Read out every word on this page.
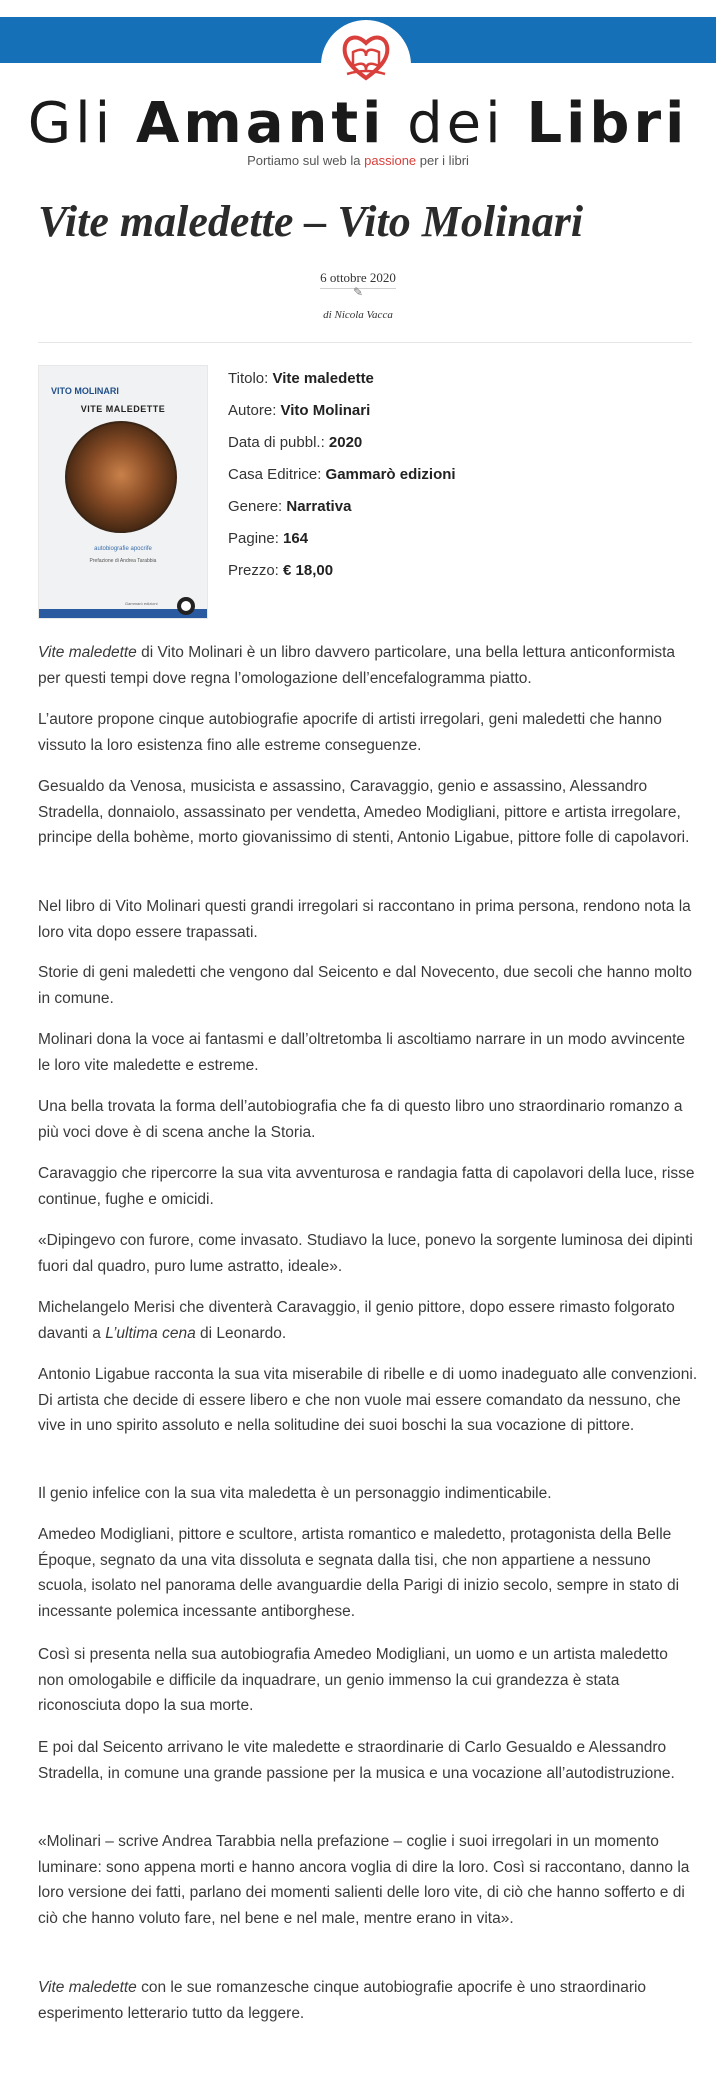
Gli Amanti dei Libri
Portiamo sul web la passione per i libri
Vite maledette – Vito Molinari
6 ottobre 2020
✎
di Nicola Vacca
VITO MOLINARI
VITE MALEDETTE
autobiografie apocrife
Prefazione di Andrea Tarabbia
Gammarò edizioni
Titolo: Vite maledette
Autore: Vito Molinari
Data di pubbl.: 2020
Casa Editrice: Gammarò edizioni
Genere: Narrativa
Pagine: 164
Prezzo: € 18,00

Vite maledette di Vito Molinari è un libro davvero particolare, una bella lettura anticonformista per questi tempi dove regna l’omologazione dell’encefalogramma piatto.

L’autore propone cinque autobiografie apocrife di artisti irregolari, geni maledetti che hanno vissuto la loro esistenza fino alle estreme conseguenze.

Gesualdo da Venosa, musicista e assassino, Caravaggio, genio e assassino, Alessandro Stradella, donnaiolo, assassinato per vendetta, Amedeo Modigliani, pittore e artista irregolare, principe della bohème, morto giovanissimo di stenti, Antonio Ligabue, pittore folle di capolavori.

Nel libro di Vito Molinari questi grandi irregolari si raccontano in prima persona, rendono nota la loro vita dopo essere trapassati.

Storie di geni maledetti che vengono dal Seicento e dal Novecento, due secoli che hanno molto in comune.

Molinari dona la voce ai fantasmi e dall’oltretomba li ascoltiamo narrare in un modo avvincente le loro vite maledette e estreme.

Una bella trovata la forma dell’autobiografia che fa di questo libro uno straordinario romanzo a più voci dove è di scena anche la Storia.

Caravaggio che ripercorre la sua vita avventurosa e randagia fatta di capolavori della luce, risse continue, fughe e omicidi.

«Dipingevo con furore, come invasato. Studiavo la luce, ponevo la sorgente luminosa dei dipinti fuori dal quadro, puro lume astratto, ideale».

Michelangelo Merisi che diventerà Caravaggio, il genio pittore, dopo essere rimasto folgorato davanti a L’ultima cena di Leonardo.

Antonio Ligabue racconta la sua vita miserabile di ribelle e di uomo inadeguato alle convenzioni. Di artista che decide di essere libero e che non vuole mai essere comandato da nessuno, che vive in uno spirito assoluto e nella solitudine dei suoi boschi la sua vocazione di pittore.

Il genio infelice con la sua vita maledetta è un personaggio indimenticabile.

Amedeo Modigliani, pittore e scultore, artista romantico e maledetto, protagonista della Belle Époque, segnato da una vita dissoluta e segnata dalla tisi, che non appartiene a nessuno scuola, isolato nel panorama delle avanguardie della Parigi di inizio secolo, sempre in stato di incessante polemica incessante antiborghese.

Così si presenta nella sua autobiografia Amedeo Modigliani, un uomo e un artista maledetto non omologabile e difficile da inquadrare, un genio immenso la cui grandezza è stata riconosciuta dopo la sua morte.

E poi dal Seicento arrivano le vite maledette e straordinarie di Carlo Gesualdo e Alessandro Stradella, in comune una grande passione per la musica e una vocazione all’autodistruzione.

«Molinari – scrive Andrea Tarabbia nella prefazione – coglie i suoi irregolari in un momento luminare: sono appena morti e hanno ancora voglia di dire la loro. Così si raccontano, danno la loro versione dei fatti, parlano dei momenti salienti delle loro vite, di ciò che hanno sofferto e di ciò che hanno voluto fare, nel bene e nel male, mentre erano in vita».

Vite maledette con le sue romanzesche cinque autobiografie apocrife è uno straordinario esperimento letterario tutto da leggere.
